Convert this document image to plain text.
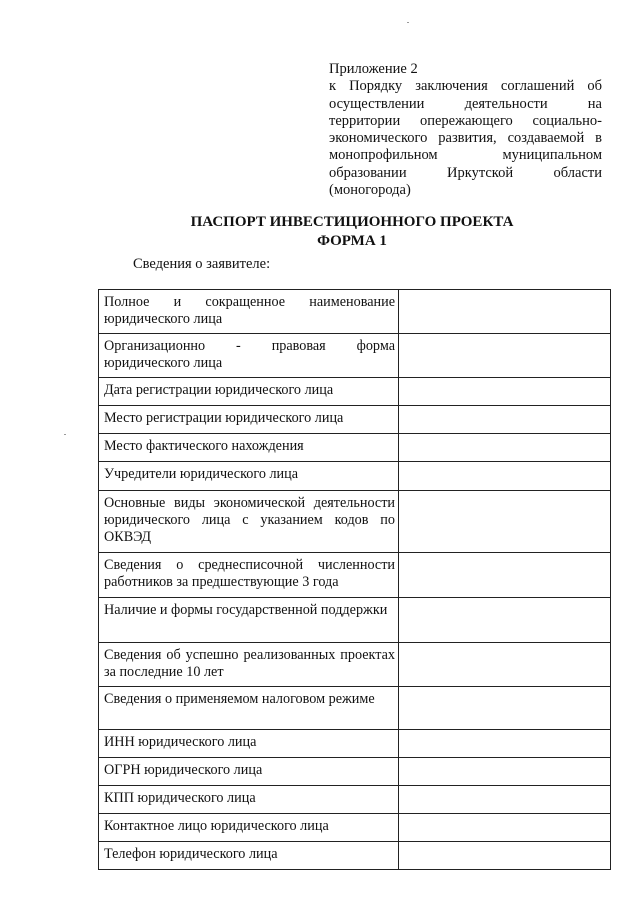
Приложение 2
к Порядку заключения соглашений об
осуществлении деятельности на
территории опережающего социально-
экономического развития, создаваемой в
монопрофильном муниципальном
образовании Иркутской области
(моногорода)
ПАСПОРТ ИНВЕСТИЦИОННОГО ПРОЕКТА
ФОРМА 1
Сведения о заявителе:
Полное и сокращенное наименование юридического лица	
Организационно - правовая форма юридического лица	
Дата регистрации юридического лица	
Место регистрации юридического лица	
Место фактического нахождения	
Учредители юридического лица	
Основные виды экономической деятельности юридического лица с указанием кодов по ОКВЭД	
Сведения о среднесписочной численности работников за предшествующие 3 года	
Наличие и формы государственной поддержки	
Сведения об успешно реализованных проектах за последние 10 лет	
Сведения о применяемом налоговом режиме	
ИНН юридического лица	
ОГРН юридического лица	
КПП юридического лица	
Контактное лицо юридического лица	
Телефон юридического лица	
